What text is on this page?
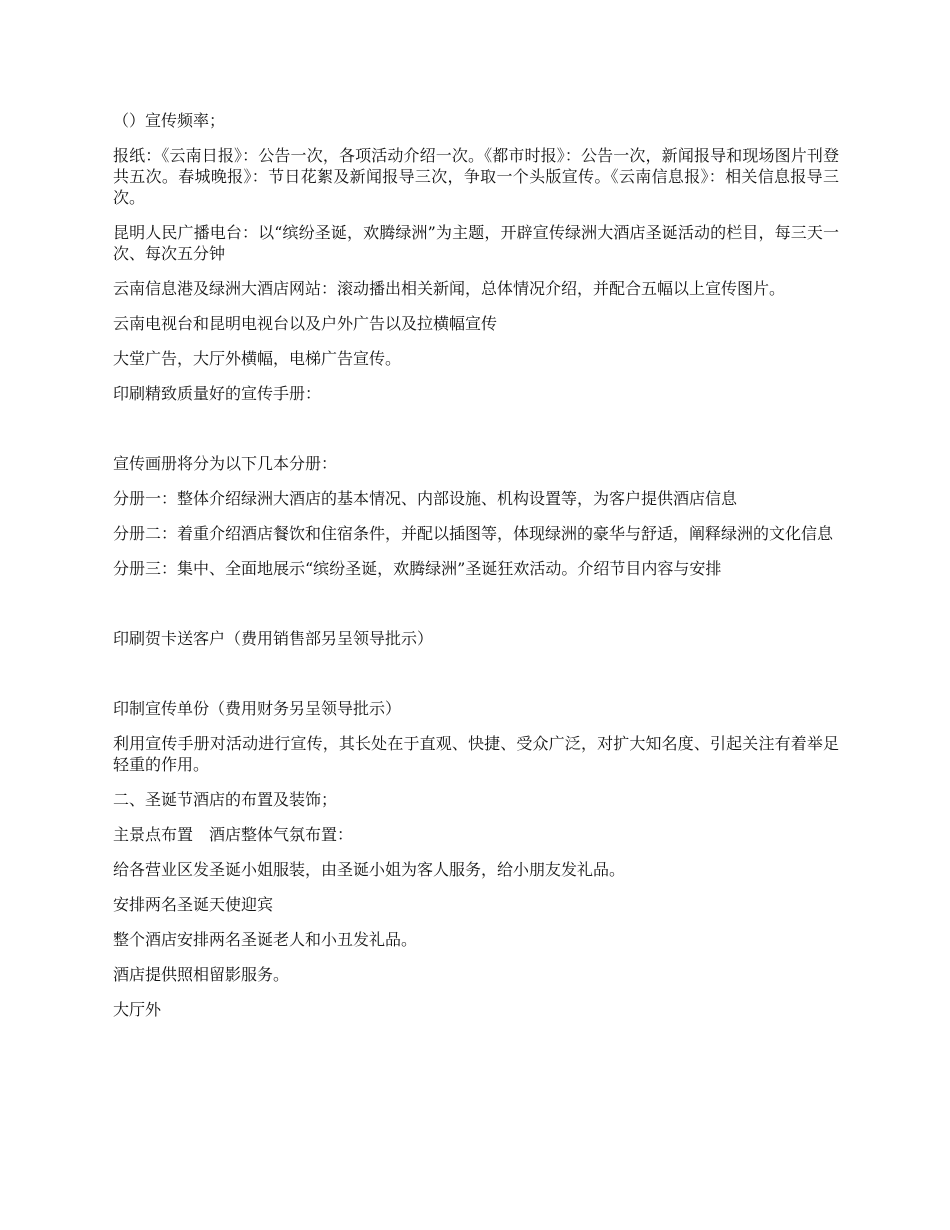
（）宣传频率；

报纸：《云南日报》：公告一次，各项活动介绍一次。《都市时报》：公告一次，新闻报导和现场图片刊登共五次。春城晚报》：节日花絮及新闻报导三次，争取一个头版宣传。《云南信息报》：相关信息报导三次。

昆明人民广播电台：以“缤纷圣诞，欢腾绿洲”为主题，开辟宣传绿洲大酒店圣诞活动的栏目，每三天一次、每次五分钟

云南信息港及绿洲大酒店网站：滚动播出相关新闻，总体情况介绍，并配合五幅以上宣传图片。

云南电视台和昆明电视台以及户外广告以及拉横幅宣传

大堂广告，大厅外横幅，电梯广告宣传。

印刷精致质量好的宣传手册：

宣传画册将分为以下几本分册：

分册一：整体介绍绿洲大酒店的基本情况、内部设施、机构设置等，为客户提供酒店信息

分册二：着重介绍酒店餐饮和住宿条件，并配以插图等，体现绿洲的豪华与舒适，阐释绿洲的文化信息

分册三：集中、全面地展示“缤纷圣诞，欢腾绿洲”圣诞狂欢活动。介绍节目内容与安排

印刷贺卡送客户（费用销售部另呈领导批示）

印制宣传单份（费用财务另呈领导批示）

利用宣传手册对活动进行宣传，其长处在于直观、快捷、受众广泛，对扩大知名度、引起关注有着举足轻重的作用。

二、圣诞节酒店的布置及装饰；

主景点布置　酒店整体气氛布置：

给各营业区发圣诞小姐服装，由圣诞小姐为客人服务，给小朋友发礼品。

安排两名圣诞天使迎宾

整个酒店安排两名圣诞老人和小丑发礼品。

酒店提供照相留影服务。

大厅外
